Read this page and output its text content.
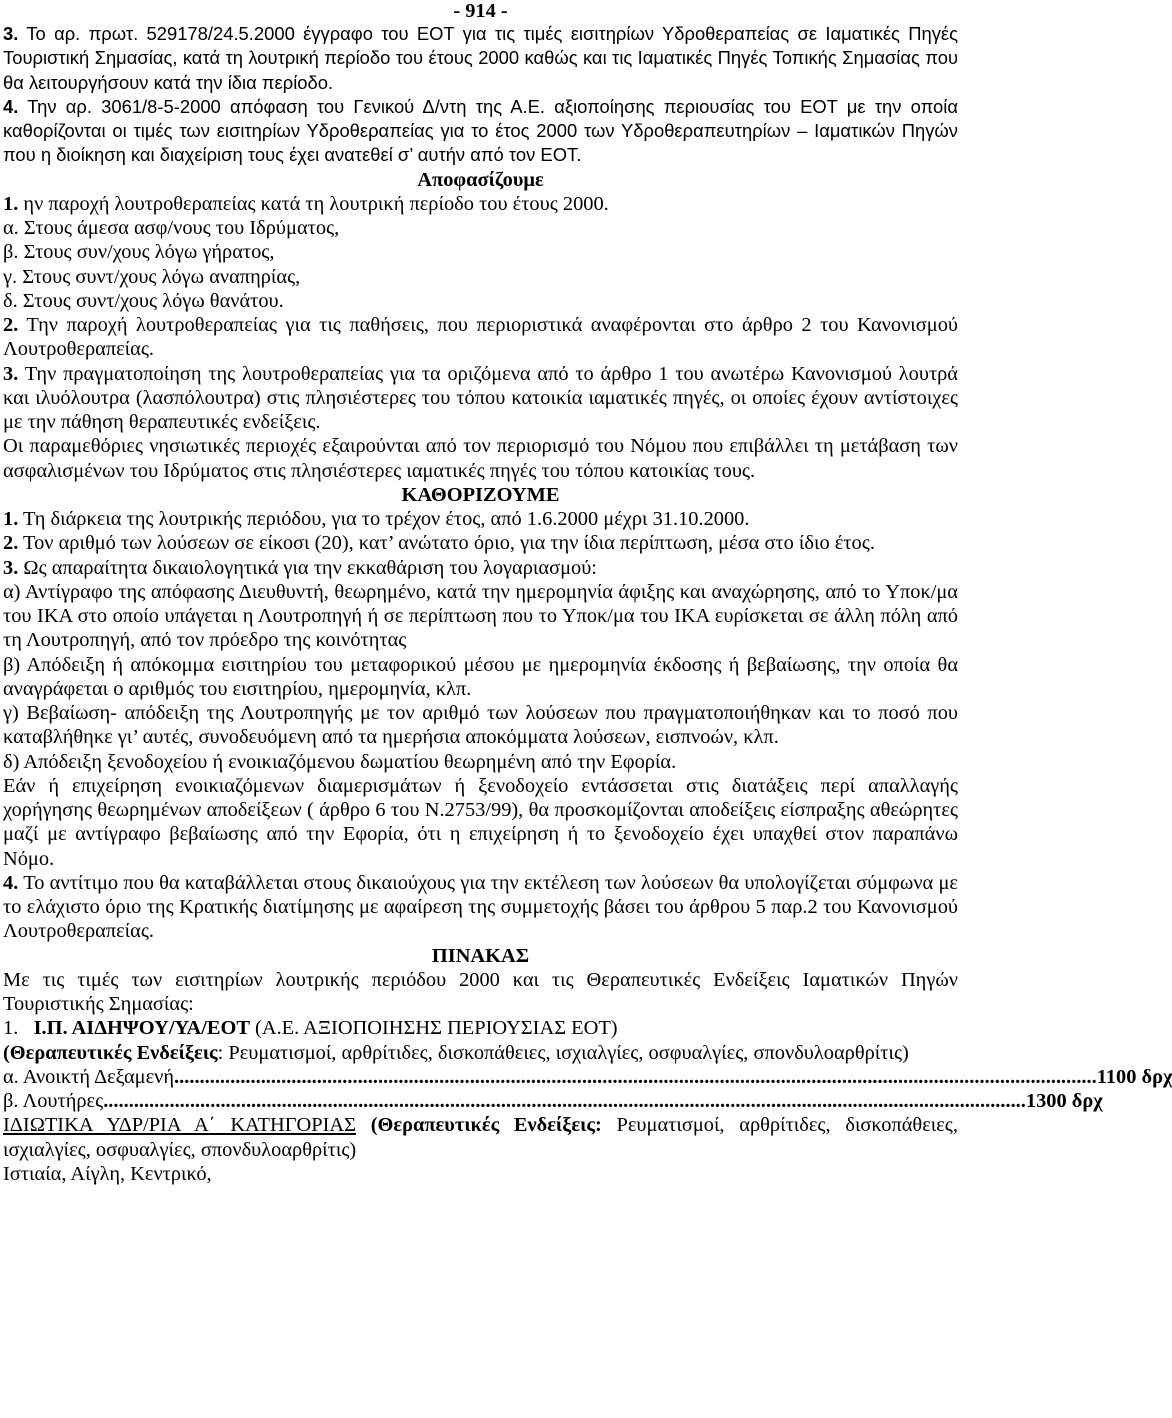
- 914 -

3. Το αρ. πρωτ. 529178/24.5.2000 έγγραφο του ΕΟΤ για τις τιμές εισιτηρίων Υδροθεραπείας σε Ιαματικές Πηγές Τουριστική Σημασίας, κατά τη λουτρική περίοδο του έτους 2000 καθώς και τις Ιαματικές Πηγές Τοπικής Σημασίας που θα λειτουργήσουν κατά την ίδια περίοδο.

4. Την αρ. 3061/8-5-2000 απόφαση του Γενικού Δ/ντη της Α.Ε. αξιοποίησης περιουσίας του ΕΟΤ με την οποία καθορίζονται οι τιμές των εισιτηρίων Υδροθεραπείας για το έτος 2000 των Υδροθεραπευτηρίων – Ιαματικών Πηγών που η διοίκηση και διαχείριση τους έχει ανατεθεί σ’ αυτήν από τον ΕΟΤ.

Αποφασίζουμε

1. ην παροχή λουτροθεραπείας κατά τη λουτρική περίοδο του έτους 2000.

α. Στους άμεσα ασφ/νους του Ιδρύματος,

β. Στους συν/χους λόγω γήρατος,

γ. Στους συντ/χους λόγω αναπηρίας,

δ. Στους συντ/χους λόγω θανάτου.

2. Την παροχή λουτροθεραπείας για τις παθήσεις, που περιοριστικά αναφέρονται στο άρθρο 2 του Κανονισμού Λουτροθεραπείας.

3. Την πραγματοποίηση της λουτροθεραπείας για τα οριζόμενα από το άρθρο 1 του ανωτέρω Κανονισμού λουτρά και ιλυόλουτρα (λασπόλουτρα) στις πλησιέστερες του τόπου κατοικία ιαματικές πηγές, οι οποίες έχουν αντίστοιχες με την πάθηση θεραπευτικές ενδείξεις.

Οι παραμεθόριες νησιωτικές περιοχές εξαιρούνται από τον περιορισμό του Νόμου που επιβάλλει τη μετάβαση των ασφαλισμένων του Ιδρύματος στις πλησιέστερες ιαματικές πηγές του τόπου κατοικίας τους.

ΚΑΘΟΡΙΖΟΥΜΕ

1. Τη διάρκεια της λουτρικής περιόδου, για το τρέχον έτος, από 1.6.2000 μέχρι 31.10.2000.

2. Τον αριθμό των λούσεων σε είκοσι (20), κατ’ ανώτατο όριο, για την ίδια περίπτωση, μέσα στο ίδιο έτος.

3. Ως απαραίτητα δικαιολογητικά για την εκκαθάριση του λογαριασμού:

α) Αντίγραφο της απόφασης Διευθυντή, θεωρημένο, κατά την ημερομηνία άφιξης και αναχώρησης, από το Υποκ/μα του ΙΚΑ στο οποίο υπάγεται η Λουτροπηγή ή σε περίπτωση που το Υποκ/μα του ΙΚΑ ευρίσκεται σε άλλη πόλη από τη Λουτροπηγή, από τον πρόεδρο της κοινότητας

β) Απόδειξη ή απόκομμα εισιτηρίου του μεταφορικού μέσου με ημερομηνία έκδοσης ή βεβαίωσης, την οποία θα αναγράφεται ο αριθμός του εισιτηρίου, ημερομηνία, κλπ.

γ) Βεβαίωση- απόδειξη της Λουτροπηγής με τον αριθμό των λούσεων που πραγματοποιήθηκαν και το ποσό που καταβλήθηκε γι’ αυτές, συνοδευόμενη από τα ημερήσια αποκόμματα λούσεων, εισπνοών, κλπ.

δ) Απόδειξη ξενοδοχείου ή ενοικιαζόμενου δωματίου θεωρημένη από την Εφορία.

Εάν ή επιχείρηση ενοικιαζόμενων διαμερισμάτων ή ξενοδοχείο εντάσσεται στις διατάξεις περί απαλλαγής χορήγησης θεωρημένων αποδείξεων ( άρθρο 6 του Ν.2753/99), θα προσκομίζονται αποδείξεις είσπραξης αθεώρητες μαζί με αντίγραφο βεβαίωσης από την Εφορία, ότι η επιχείρηση ή το ξενοδοχείο έχει υπαχθεί στον παραπάνω Νόμο.

4. Το αντίτιμο που θα καταβάλλεται στους δικαιούχους για την εκτέλεση των λούσεων θα υπολογίζεται σύμφωνα με το ελάχιστο όριο της Κρατικής διατίμησης με αφαίρεση της συμμετοχής βάσει του άρθρου 5 παρ.2 του Κανονισμού Λουτροθεραπείας.

ΠΙΝΑΚΑΣ

Με τις τιμές των εισιτηρίων λουτρικής περιόδου 2000 και τις Θεραπευτικές Ενδείξεις Ιαματικών Πηγών Τουριστικής Σημασίας:

1. Ι.Π. ΑΙΔΗΨΟΥ/ΥΑ/ΕΟΤ (Α.Ε. ΑΞΙΟΠΟΙΗΣΗΣ ΠΕΡΙΟΥΣΙΑΣ ΕΟΤ)

(Θεραπευτικές Ενδείξεις: Ρευματισμοί, αρθρίτιδες, δισκοπάθειες, ισχιαλγίες, οσφυαλγίες, σπονδυλοαρθρίτις)

α. Ανοικτή Δεξαμενή ..................................................................................................................................................................................... 1100 δρχ
β. Λουτήρες ..................................................................................................................................................................................... 1300 δρχ

ΙΔΙΩΤΙΚΑ ΥΔΡ/ΡΙΑ Α΄ ΚΑΤΗΓΟΡΙΑΣ (Θεραπευτικές Ενδείξεις: Ρευματισμοί, αρθρίτιδες, δισκοπάθειες, ισχιαλγίες, οσφυαλγίες, σπονδυλοαρθρίτις)

Ιστιαία, Αίγλη, Κεντρικό,
